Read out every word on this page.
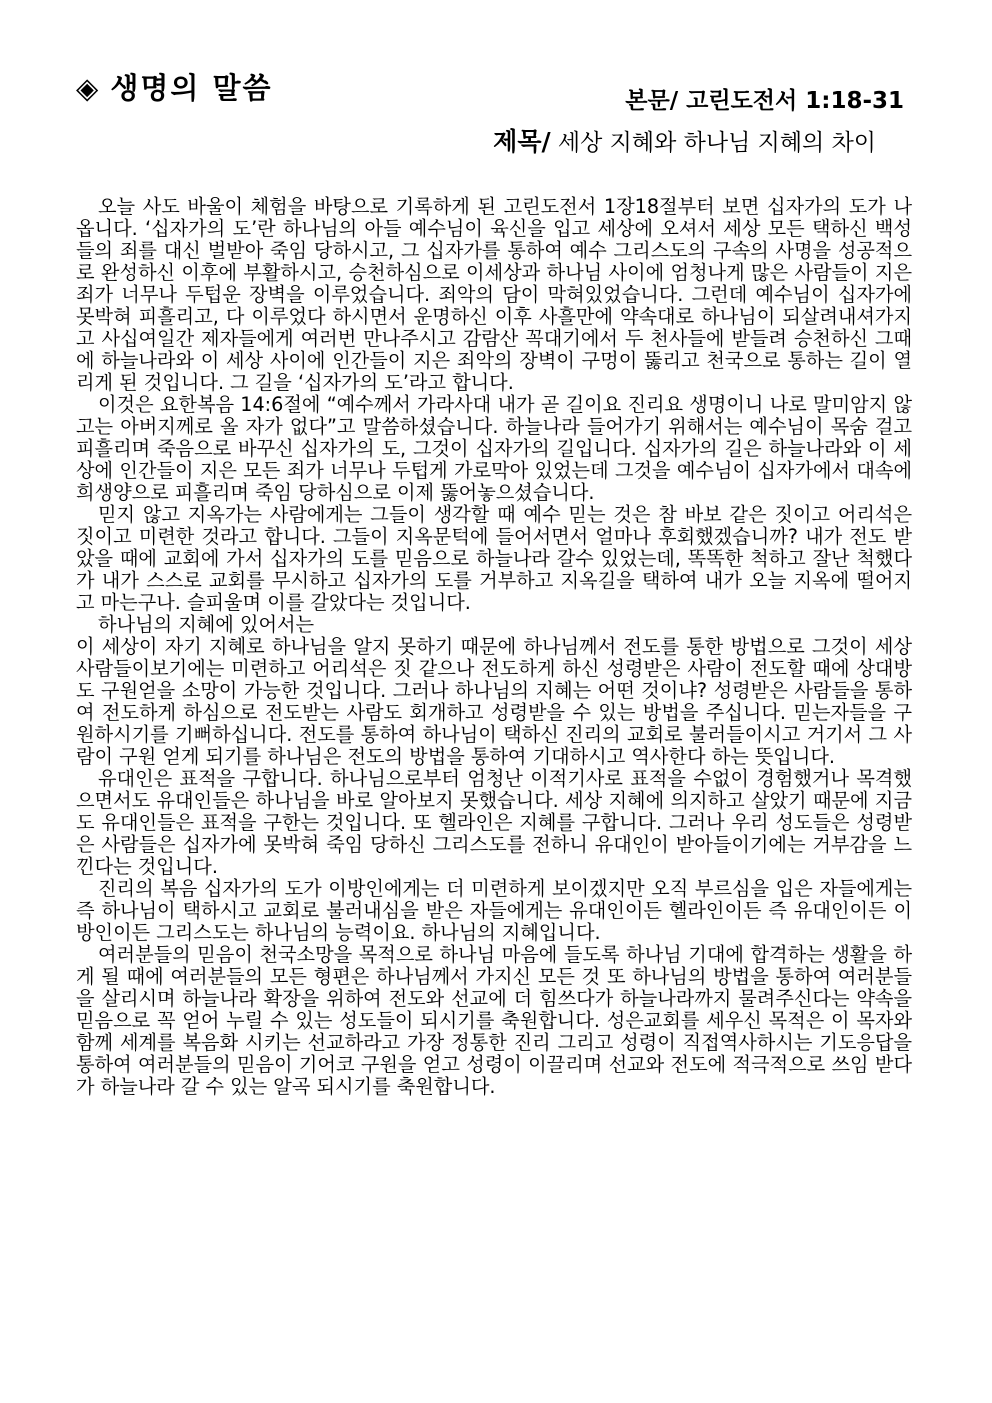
◈ 생명의 말씀	본문/ 고린도전서 1:18-31
제목/ 세상 지혜와 하나님 지혜의 차이

오늘 사도 바울이 체험을 바탕으로 기록하게 된 고린도전서 1장18절부터 보면 십자가의 도가 나옵니다. ‘십자가의 도’란 하나님의 아들 예수님이 육신을 입고 세상에 오셔서 세상 모든 택하신 백성들의 죄를 대신 벌받아 죽임 당하시고, 그 십자가를 통하여 예수 그리스도의 구속의 사명을 성공적으로 완성하신 이후에 부활하시고, 승천하심으로 이세상과 하나님 사이에 엄청나게 많은 사람들이 지은 죄가 너무나 두텁운 장벽을 이루었습니다. 죄악의 담이 막혀있었습니다. 그런데 예수님이 십자가에 못박혀 피흘리고, 다 이루었다 하시면서 운명하신 이후 사흘만에 약속대로 하나님이 되살려내셔가지고 사십여일간 제자들에게 여러번 만나주시고 감람산 꼭대기에서 두 천사들에 받들려 승천하신 그때에 하늘나라와 이 세상 사이에 인간들이 지은 죄악의 장벽이 구멍이 뚫리고 천국으로 통하는 길이 열리게 된 것입니다. 그 길을 ‘십자가의 도’라고 합니다.

이것은 요한복음 14:6절에 “예수께서 가라사대 내가 곧 길이요 진리요 생명이니 나로 말미암지 않고는 아버지께로 올 자가 없다”고 말씀하셨습니다. 하늘나라 들어가기 위해서는 예수님이 목숨 걸고 피흘리며 죽음으로 바꾸신 십자가의 도, 그것이 십자가의 길입니다. 십자가의 길은 하늘나라와 이 세상에 인간들이 지은 모든 죄가 너무나 두텁게 가로막아 있었는데 그것을 예수님이 십자가에서 대속에 희생양으로 피흘리며 죽임 당하심으로 이제 뚫어놓으셨습니다.

믿지 않고 지옥가는 사람에게는 그들이 생각할 때 예수 믿는 것은 참 바보 같은 짓이고 어리석은 짓이고 미련한 것라고 합니다. 그들이 지옥문턱에 들어서면서 얼마나 후회했겠습니까? 내가 전도 받았을 때에 교회에 가서 십자가의 도를 믿음으로 하늘나라 갈수 있었는데, 똑똑한 척하고 잘난 척했다가 내가 스스로 교회를 무시하고 십자가의 도를 거부하고 지옥길을 택하여 내가 오늘 지옥에 떨어지고 마는구나. 슬피울며 이를 갈았다는 것입니다.

하나님의 지혜에 있어서는

이 세상이 자기 지혜로 하나님을 알지 못하기 때문에 하나님께서 전도를 통한 방법으로 그것이 세상 사람들이보기에는 미련하고 어리석은 짓 같으나 전도하게 하신 성령받은 사람이 전도할 때에 상대방도 구원얻을 소망이 가능한 것입니다. 그러나 하나님의 지혜는 어떤 것이냐? 성령받은 사람들을 통하여 전도하게 하심으로 전도받는 사람도 회개하고 성령받을 수 있는 방법을 주십니다. 믿는자들을 구원하시기를 기뻐하십니다. 전도를 통하여 하나님이 택하신 진리의 교회로 불러들이시고 거기서 그 사람이 구원 얻게 되기를 하나님은 전도의 방법을 통하여 기대하시고 역사한다 하는 뜻입니다.

유대인은 표적을 구합니다. 하나님으로부터 엄청난 이적기사로 표적을 수없이 경험했거나 목격했으면서도 유대인들은 하나님을 바로 알아보지 못했습니다. 세상 지혜에 의지하고 살았기 때문에 지금도 유대인들은 표적을 구한는 것입니다. 또 헬라인은 지혜를 구합니다. 그러나 우리 성도들은 성령받은 사람들은 십자가에 못박혀 죽임 당하신 그리스도를 전하니 유대인이 받아들이기에는 거부감을 느낀다는 것입니다.

진리의 복음 십자가의 도가 이방인에게는 더 미련하게 보이겠지만 오직 부르심을 입은 자들에게는 즉 하나님이 택하시고 교회로 불러내심을 받은 자들에게는 유대인이든 헬라인이든 즉 유대인이든 이방인이든 그리스도는 하나님의 능력이요. 하나님의 지혜입니다.

여러분들의 믿음이 천국소망을 목적으로 하나님 마음에 들도록 하나님 기대에 합격하는 생활을 하게 될 때에 여러분들의 모든 형편은 하나님께서 가지신 모든 것 또 하나님의 방법을 통하여 여러분들을 살리시며 하늘나라 확장을 위하여 전도와 선교에 더 힘쓰다가 하늘나라까지 물려주신다는 약속을 믿음으로 꼭 얻어 누릴 수 있는 성도들이 되시기를 축원합니다. 성은교회를 세우신 목적은 이 목자와 함께 세계를 복음화 시키는 선교하라고 가장 정통한 진리 그리고 성령이 직접역사하시는 기도응답을 통하여 여러분들의 믿음이 기어코 구원을 얻고 성령이 이끌리며 선교와 전도에 적극적으로 쓰임 받다가 하늘나라 갈 수 있는 알곡 되시기를 축원합니다.
